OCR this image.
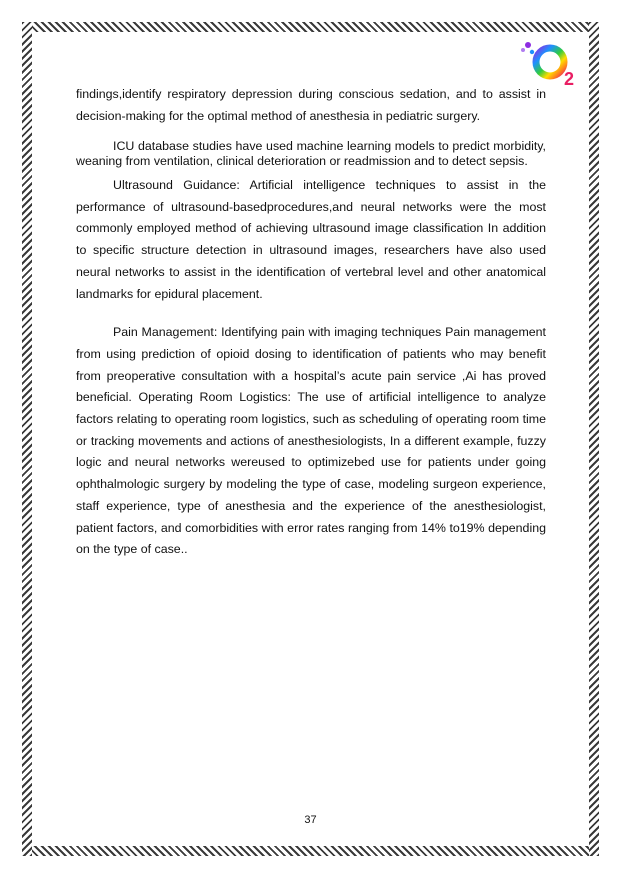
2

findings,identify respiratory depression during conscious sedation, and to assist in decision-making for the optimal method of anesthesia in pediatric surgery.

ICU database studies have used machine learning models to predict morbidity, weaning from ventilation, clinical deterioration or readmission and to detect sepsis.

Ultrasound Guidance: Artificial intelligence techniques to assist in the performance of ultrasound-basedprocedures,and neural networks were the most commonly employed method of achieving ultrasound image classification In addition to specific structure detection in ultrasound images, researchers have also used neural networks to assist in the identification of vertebral level and other anatomical landmarks for epidural placement.

Pain Management: Identifying pain with imaging techniques Pain management from using prediction of opioid dosing to identification of patients who may benefit from preoperative consultation with a hospital’s acute pain service ,Ai has proved beneficial. Operating Room Logistics: The use of artificial intelligence to analyze factors relating to operating room logistics, such as scheduling of operating room time or tracking movements and actions of anesthesiologists, In a different example, fuzzy logic and neural networks wereused to optimizebed use for patients under going ophthalmologic surgery by modeling the type of case, modeling surgeon experience, staff experience, type of anesthesia and the experience of the anesthesiologist, patient factors, and comorbidities with error rates ranging from 14% to19% depending on the type of case..

37
